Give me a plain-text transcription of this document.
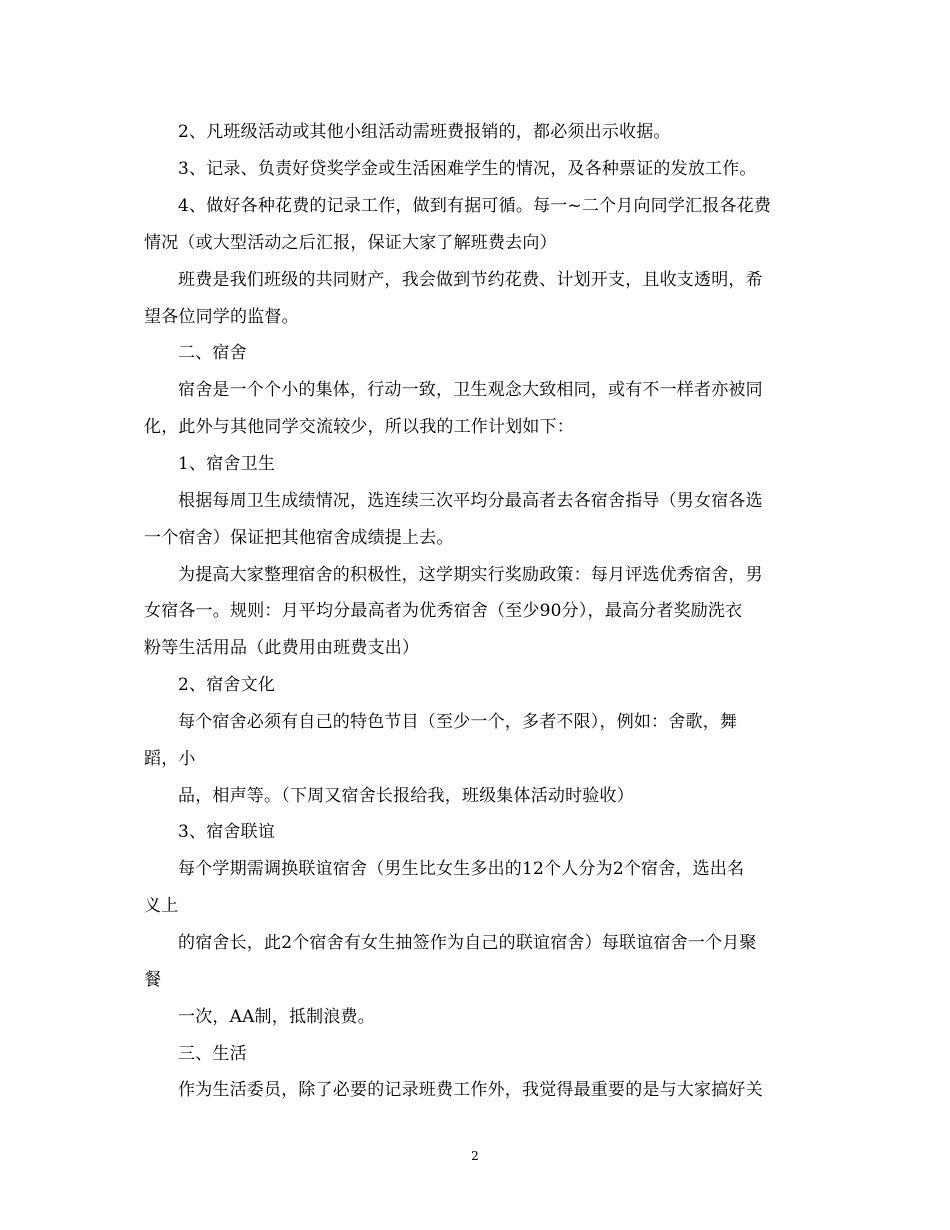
2、凡班级活动或其他小组活动需班费报销的，都必须出示收据。
3、记录、负责好贷奖学金或生活困难学生的情况，及各种票证的发放工作。
4、做好各种花费的记录工作，做到有据可循。每一~二个月向同学汇报各花费
情况（或大型活动之后汇报，保证大家了解班费去向）
班费是我们班级的共同财产，我会做到节约花费、计划开支，且收支透明，希
望各位同学的监督。
二、宿舍
宿舍是一个个小的集体，行动一致，卫生观念大致相同，或有不一样者亦被同
化，此外与其他同学交流较少，所以我的工作计划如下：
1、宿舍卫生
根据每周卫生成绩情况，选连续三次平均分最高者去各宿舍指导（男女宿各选
一个宿舍）保证把其他宿舍成绩提上去。
为提高大家整理宿舍的积极性，这学期实行奖励政策：每月评选优秀宿舍，男
女宿各一。规则：月平均分最高者为优秀宿舍（至少90分），最高分者奖励洗衣
粉等生活用品（此费用由班费支出）
2、宿舍文化
每个宿舍必须有自己的特色节目（至少一个，多者不限），例如：舍歌，舞
蹈，小
品，相声等。（下周又宿舍长报给我，班级集体活动时验收）
3、宿舍联谊
每个学期需调换联谊宿舍（男生比女生多出的12个人分为2个宿舍，选出名
义上
的宿舍长，此2个宿舍有女生抽签作为自己的联谊宿舍）每联谊宿舍一个月聚
餐
一次，AA制，抵制浪费。
三、生活
作为生活委员，除了必要的记录班费工作外，我觉得最重要的是与大家搞好关
2
